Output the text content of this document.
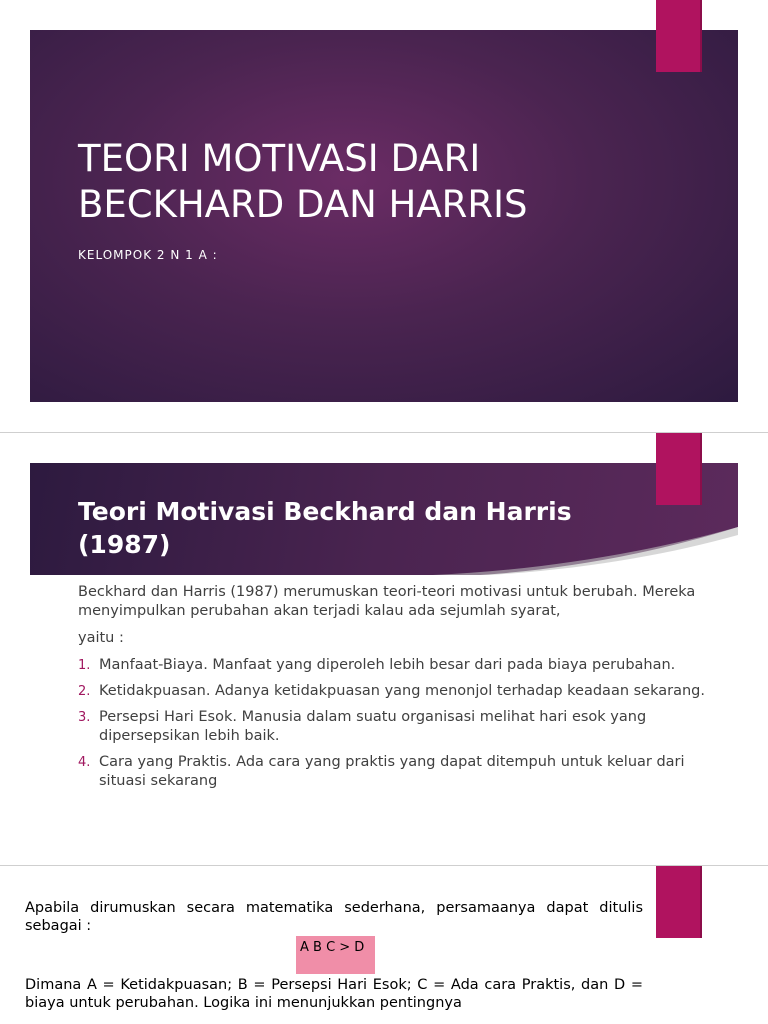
TEORI MOTIVASI DARI BECKHARD DAN HARRIS

KELOMPOK 2 N 1 A :

Teori Motivasi Beckhard dan Harris (1987)

Beckhard dan Harris (1987) merumuskan teori-teori motivasi untuk berubah. Mereka menyimpulkan perubahan akan terjadi kalau ada sejumlah syarat,

yaitu :

1. Manfaat-Biaya. Manfaat yang diperoleh lebih besar dari pada biaya perubahan.
2. Ketidakpuasan. Adanya ketidakpuasan yang menonjol terhadap keadaan sekarang.
3. Persepsi Hari Esok. Manusia dalam suatu organisasi melihat hari esok yang dipersepsikan lebih baik.
4. Cara yang Praktis. Ada cara yang praktis yang dapat ditempuh untuk keluar dari situasi sekarang

Apabila dirumuskan secara matematika sederhana, persamaanya dapat ditulis sebagai :

A B C > D

Dimana A = Ketidakpuasan; B = Persepsi Hari Esok; C = Ada cara Praktis, dan D = biaya untuk perubahan. Logika ini menunjukkan pentingnya
